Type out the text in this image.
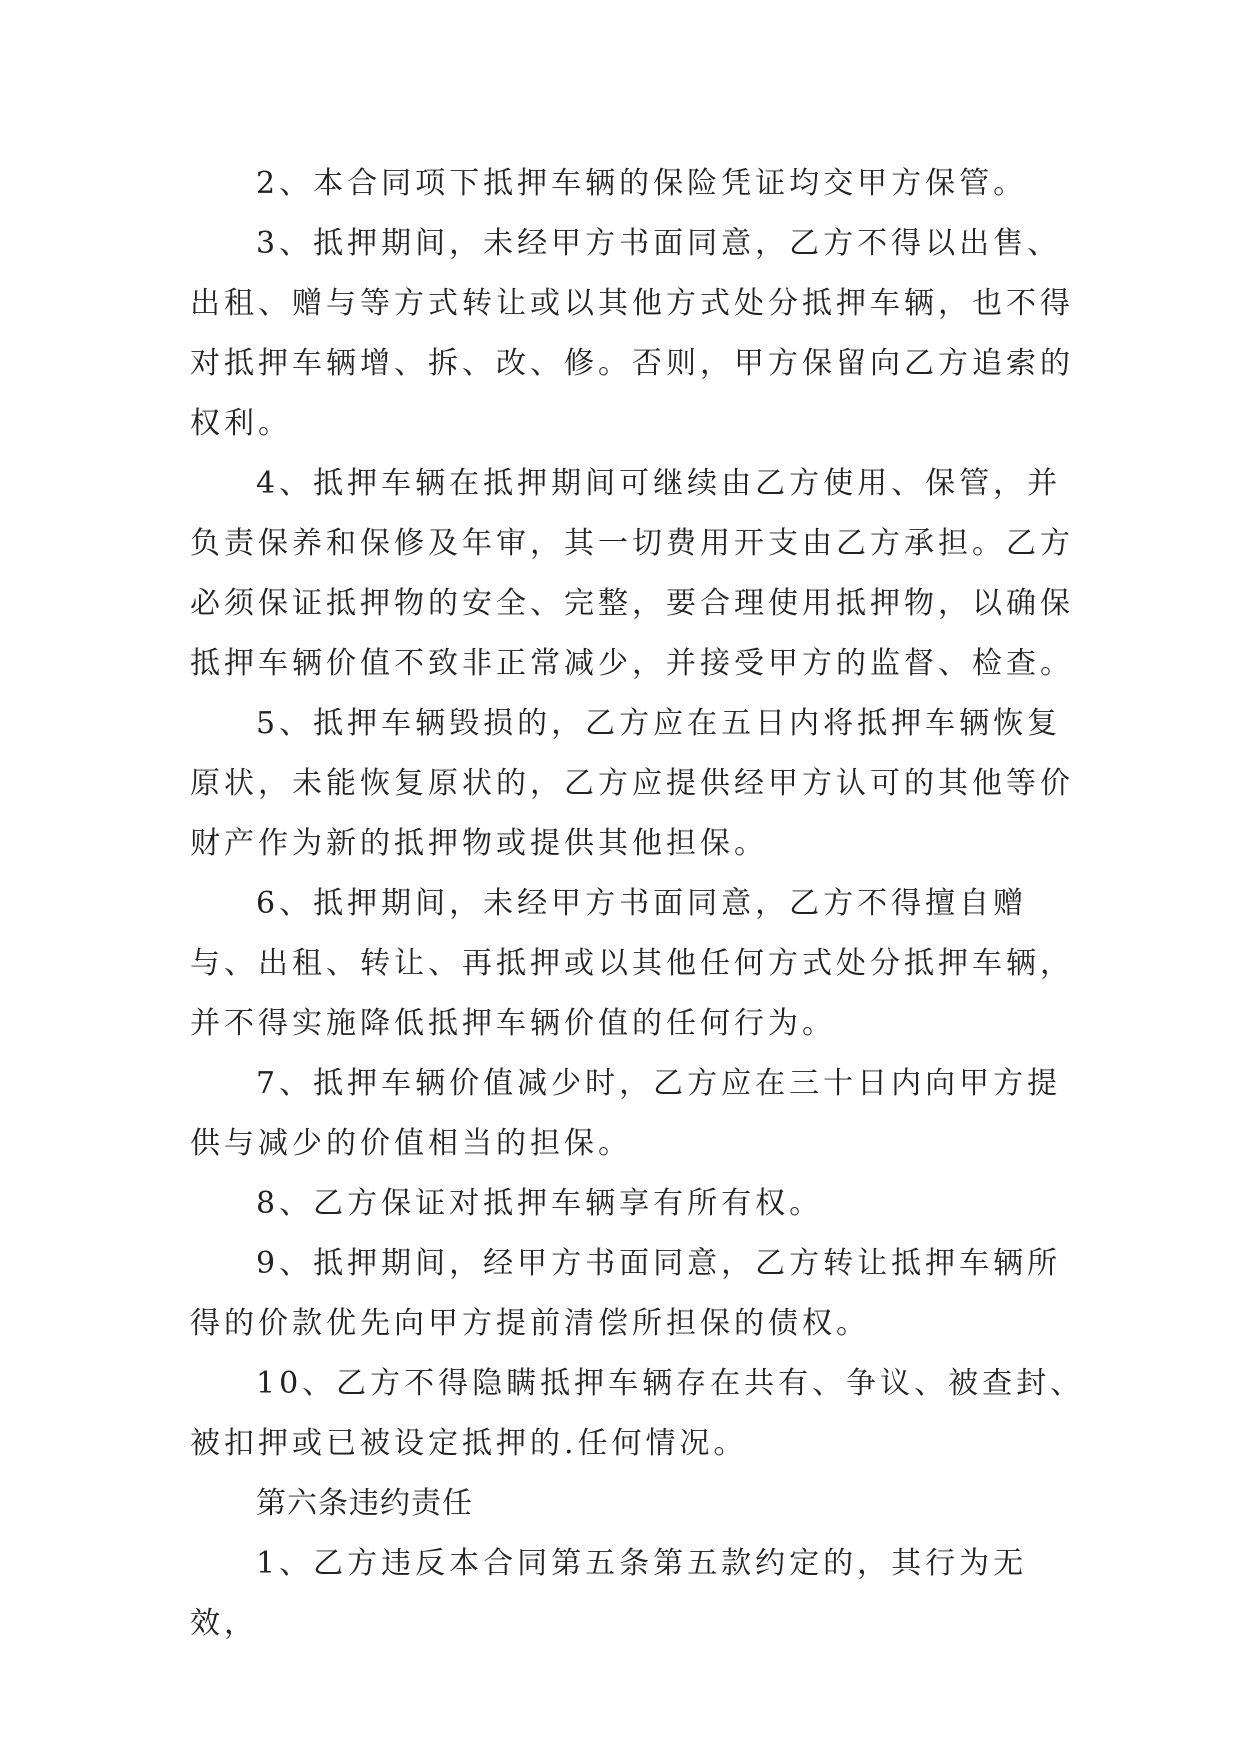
2、本合同项下抵押车辆的保险凭证均交甲方保管。

3、抵押期间，未经甲方书面同意，乙方不得以出售、出租、赠与等方式转让或以其他方式处分抵押车辆，也不得对抵押车辆增、拆、改、修。否则，甲方保留向乙方追索的权利。

4、抵押车辆在抵押期间可继续由乙方使用、保管，并负责保养和保修及年审，其一切费用开支由乙方承担。乙方必须保证抵押物的安全、完整，要合理使用抵押物，以确保抵押车辆价值不致非正常减少，并接受甲方的监督、检查。

5、抵押车辆毁损的，乙方应在五日内将抵押车辆恢复原状，未能恢复原状的，乙方应提供经甲方认可的其他等价财产作为新的抵押物或提供其他担保。

6、抵押期间，未经甲方书面同意，乙方不得擅自赠与、出租、转让、再抵押或以其他任何方式处分抵押车辆，并不得实施降低抵押车辆价值的任何行为。

7、抵押车辆价值减少时，乙方应在三十日内向甲方提供与减少的价值相当的担保。

8、乙方保证对抵押车辆享有所有权。

9、抵押期间，经甲方书面同意，乙方转让抵押车辆所得的价款优先向甲方提前清偿所担保的债权。

10、乙方不得隐瞒抵押车辆存在共有、争议、被查封、被扣押或已被设定抵押的.任何情况。

第六条违约责任

1、乙方违反本合同第五条第五款约定的，其行为无效，
